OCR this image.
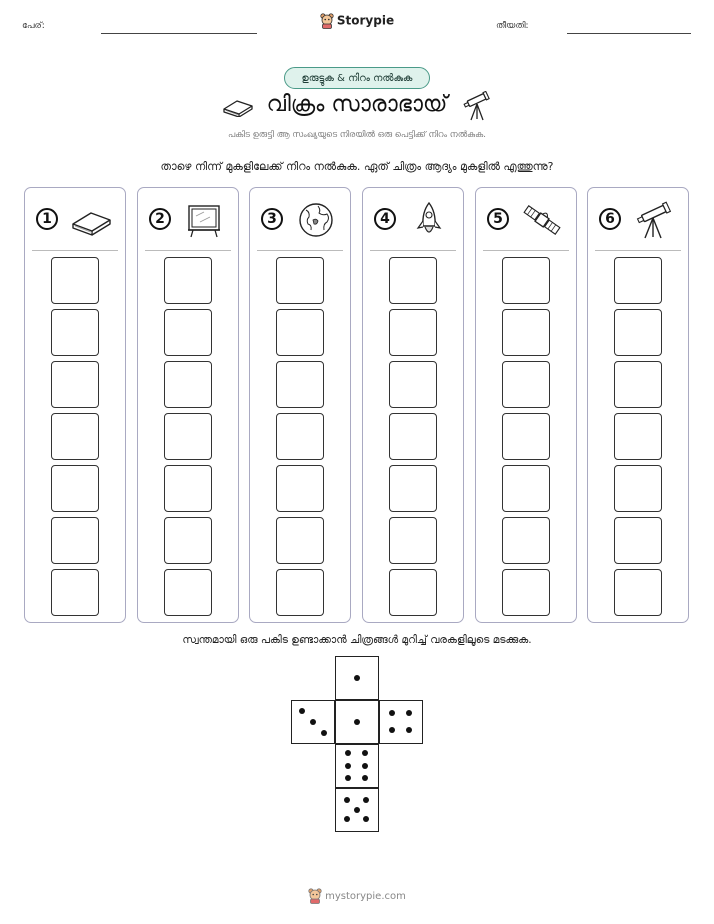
പേര്:	Storypie	തീയതി:
ഉരുട്ടുക & നിറം നൽകുക
വിക്രം സാരാഭായ്
പകിട ഉരുട്ടി ആ സംഖ്യയുടെ നിരയിൽ ഒരു പെട്ടിക്ക് നിറം നൽകുക.
താഴെ നിന്ന് മുകളിലേക്ക് നിറം നൽകുക. ഏത് ചിത്രം ആദ്യം മുകളിൽ എത്തുന്നു?
1	2	3	4	5	6
സ്വന്തമായി ഒരു പകിട ഉണ്ടാക്കാൻ ചിത്രങ്ങൾ മുറിച്ച് വരകളിലൂടെ മടക്കുക.
mystorypie.com
